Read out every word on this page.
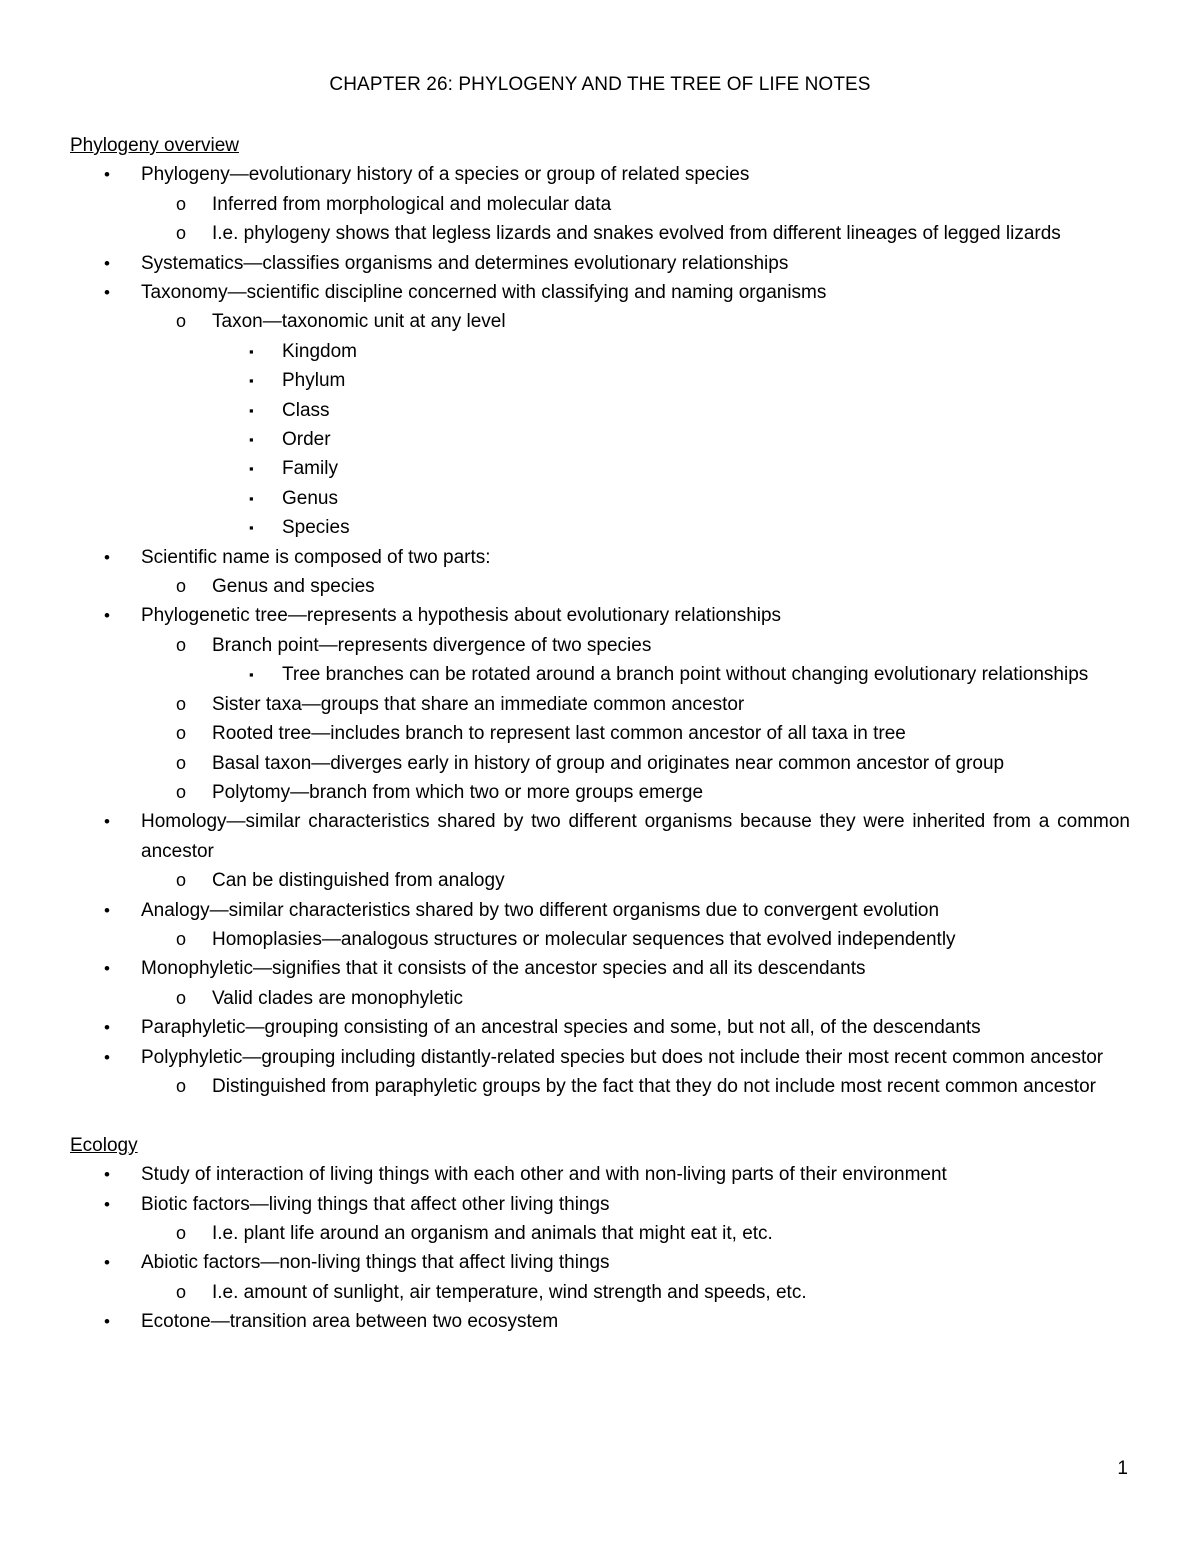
CHAPTER 26: PHYLOGENY AND THE TREE OF LIFE NOTES
Phylogeny overview
• Phylogeny—evolutionary history of a species or group of related species
o Inferred from morphological and molecular data
o I.e. phylogeny shows that legless lizards and snakes evolved from different lineages of legged lizards
• Systematics—classifies organisms and determines evolutionary relationships
• Taxonomy—scientific discipline concerned with classifying and naming organisms
o Taxon—taxonomic unit at any level
▪ Kingdom
▪ Phylum
▪ Class
▪ Order
▪ Family
▪ Genus
▪ Species
• Scientific name is composed of two parts:
o Genus and species
• Phylogenetic tree—represents a hypothesis about evolutionary relationships
o Branch point—represents divergence of two species
▪ Tree branches can be rotated around a branch point without changing evolutionary relationships
o Sister taxa—groups that share an immediate common ancestor
o Rooted tree—includes branch to represent last common ancestor of all taxa in tree
o Basal taxon—diverges early in history of group and originates near common ancestor of group
o Polytomy—branch from which two or more groups emerge
• Homology—similar characteristics shared by two different organisms because they were inherited from a common ancestor
o Can be distinguished from analogy
• Analogy—similar characteristics shared by two different organisms due to convergent evolution
o Homoplasies—analogous structures or molecular sequences that evolved independently
• Monophyletic—signifies that it consists of the ancestor species and all its descendants
o Valid clades are monophyletic
• Paraphyletic—grouping consisting of an ancestral species and some, but not all, of the descendants
• Polyphyletic—grouping including distantly-related species but does not include their most recent common ancestor
o Distinguished from paraphyletic groups by the fact that they do not include most recent common ancestor
Ecology
• Study of interaction of living things with each other and with non-living parts of their environment
• Biotic factors—living things that affect other living things
o I.e. plant life around an organism and animals that might eat it, etc.
• Abiotic factors—non-living things that affect living things
o I.e. amount of sunlight, air temperature, wind strength and speeds, etc.
• Ecotone—transition area between two ecosystem
1
